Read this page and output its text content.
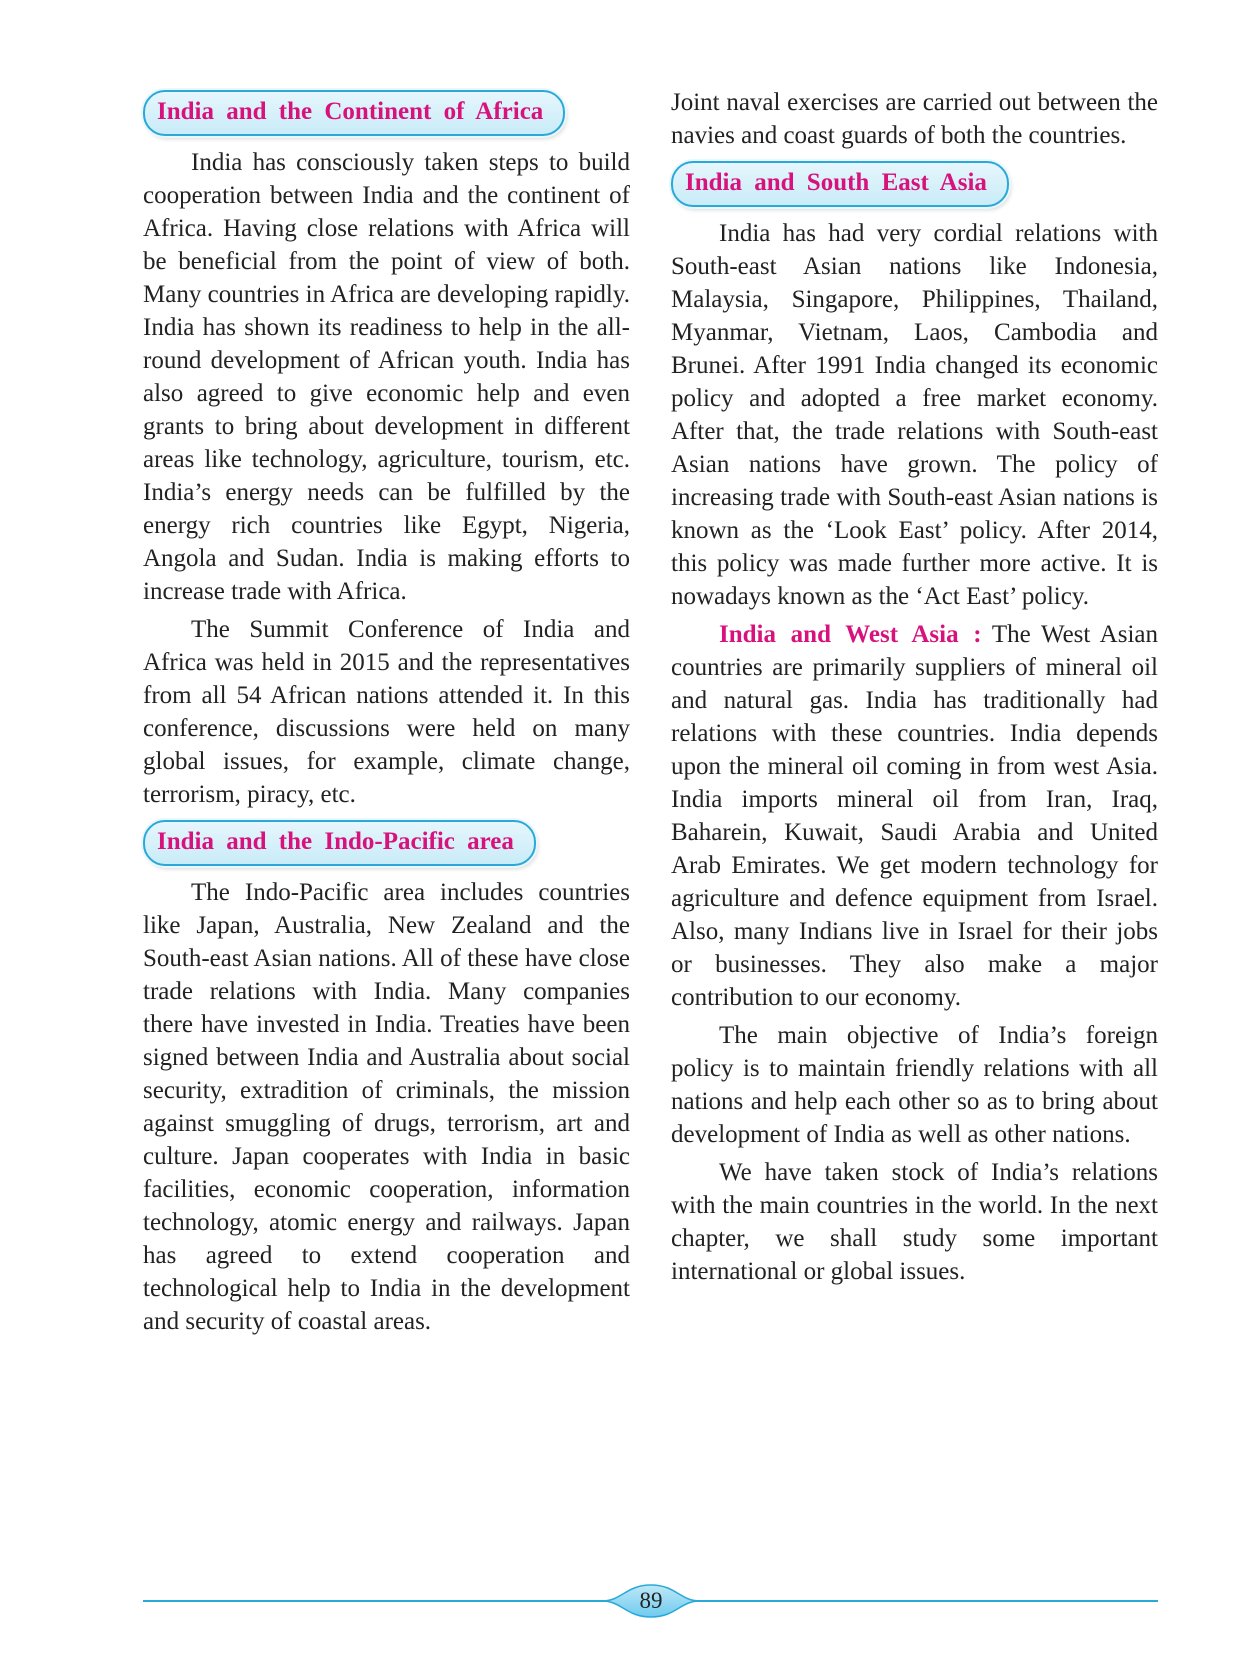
India and the Continent of Africa

India has consciously taken steps to build cooperation between India and the continent of Africa. Having close relations with Africa will be beneficial from the point of view of both. Many countries in Africa are developing rapidly. India has shown its readiness to help in the all-round development of African youth. India has also agreed to give economic help and even grants to bring about development in different areas like technology, agriculture, tourism, etc. India’s energy needs can be fulfilled by the energy rich countries like Egypt, Nigeria, Angola and Sudan. India is making efforts to increase trade with Africa.

The Summit Conference of India and Africa was held in 2015 and the representatives from all 54 African nations attended it. In this conference, discussions were held on many global issues, for example, climate change, terrorism, piracy, etc.

India and the Indo-Pacific area

The Indo-Pacific area includes countries like Japan, Australia, New Zealand and the South-east Asian nations. All of these have close trade relations with India. Many companies there have invested in India. Treaties have been signed between India and Australia about social security, extradition of criminals, the mission against smuggling of drugs, terrorism, art and culture. Japan cooperates with India in basic facilities, economic cooperation, information technology, atomic energy and railways. Japan has agreed to extend cooperation and technological help to India in the development and security of coastal areas.

Joint naval exercises are carried out between the navies and coast guards of both the countries.

India and South East Asia

India has had very cordial relations with South-east Asian nations like Indonesia, Malaysia, Singapore, Philippines, Thailand, Myanmar, Vietnam, Laos, Cambodia and Brunei. After 1991 India changed its economic policy and adopted a free market economy. After that, the trade relations with South-east Asian nations have grown. The policy of increasing trade with South-east Asian nations is known as the ‘Look East’ policy. After 2014, this policy was made further more active. It is nowadays known as the ‘Act East’ policy.

India and West Asia : The West Asian countries are primarily suppliers of mineral oil and natural gas. India has traditionally had relations with these countries. India depends upon the mineral oil coming in from west Asia. India imports mineral oil from Iran, Iraq, Baharein, Kuwait, Saudi Arabia and United Arab Emirates. We get modern technology for agriculture and defence equipment from Israel. Also, many Indians live in Israel for their jobs or businesses. They also make a major contribution to our economy.

The main objective of India’s foreign policy is to maintain friendly relations with all nations and help each other so as to bring about development of India as well as other nations.

We have taken stock of India’s relations with the main countries in the world. In the next chapter, we shall study some important international or global issues.

89
